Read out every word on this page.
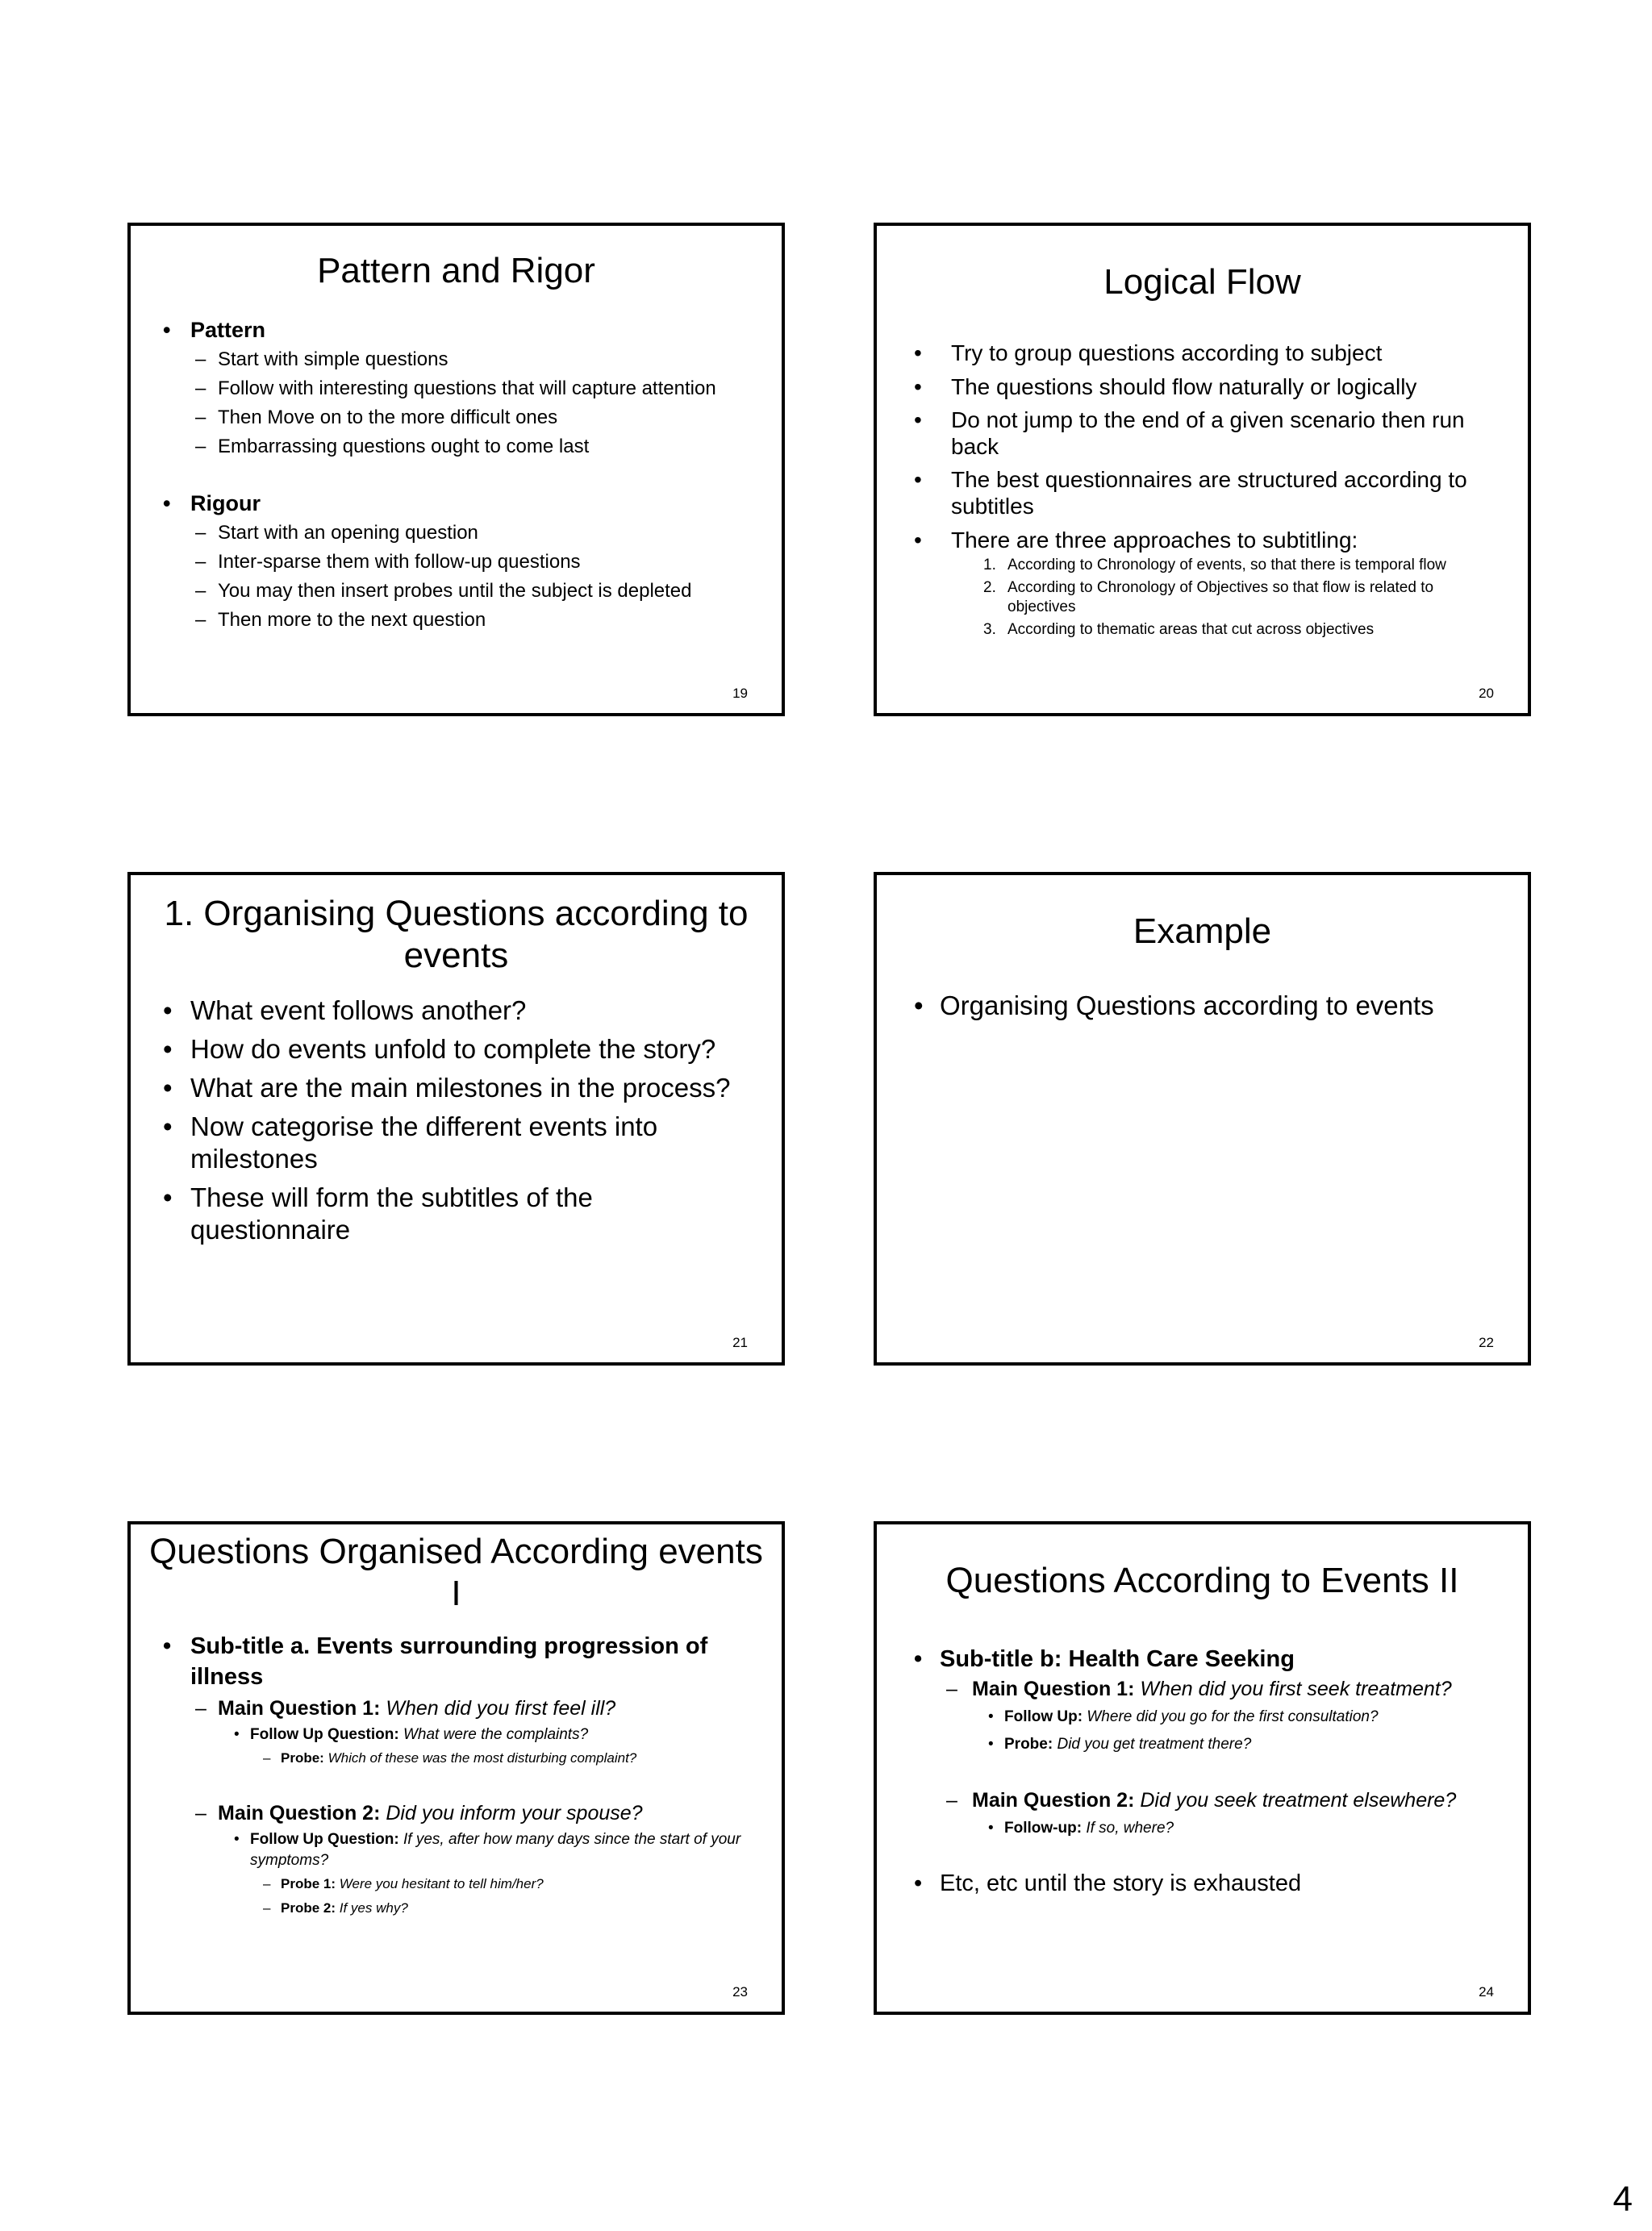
Pattern and Rigor
• Pattern
– Start with simple questions
– Follow with interesting questions that will capture attention
– Then Move on to the more difficult ones
– Embarrassing questions ought to come last
• Rigour
– Start with an opening question
– Inter-sparse them with follow-up questions
– You may then insert probes until the subject is depleted
– Then more to the next question
19
Logical Flow
• Try to group questions according to subject
• The questions should flow naturally or logically
• Do not jump to the end of a given scenario then run back
• The best questionnaires are structured according to subtitles
• There are three approaches to subtitling:
1. According to Chronology of events, so that there is temporal flow
2. According to Chronology of Objectives so that flow is related to objectives
3. According to thematic areas that cut across objectives
20
1. Organising Questions according to events
• What event follows another?
• How do events unfold to complete the story?
• What are the main milestones in the process?
• Now categorise the different events into milestones
• These will form the subtitles of the questionnaire
21
Example
• Organising Questions according to events
22
Questions Organised According events I
• Sub-title a. Events surrounding progression of illness
– Main Question 1: When did you first feel ill?
• Follow Up Question: What were the complaints?
– Probe: Which of these was the most disturbing complaint?
– Main Question 2: Did you inform your spouse?
• Follow Up Question: If yes, after how many days since the start of your symptoms?
– Probe 1: Were you hesitant to tell him/her?
– Probe 2: If yes why?
23
Questions According to Events II
• Sub-title b: Health Care Seeking
– Main Question 1: When did you first seek treatment?
• Follow Up: Where did you go for the first consultation?
• Probe: Did you get treatment there?
– Main Question 2: Did you seek treatment elsewhere?
• Follow-up: If so, where?
• Etc, etc until the story is exhausted
24
4
